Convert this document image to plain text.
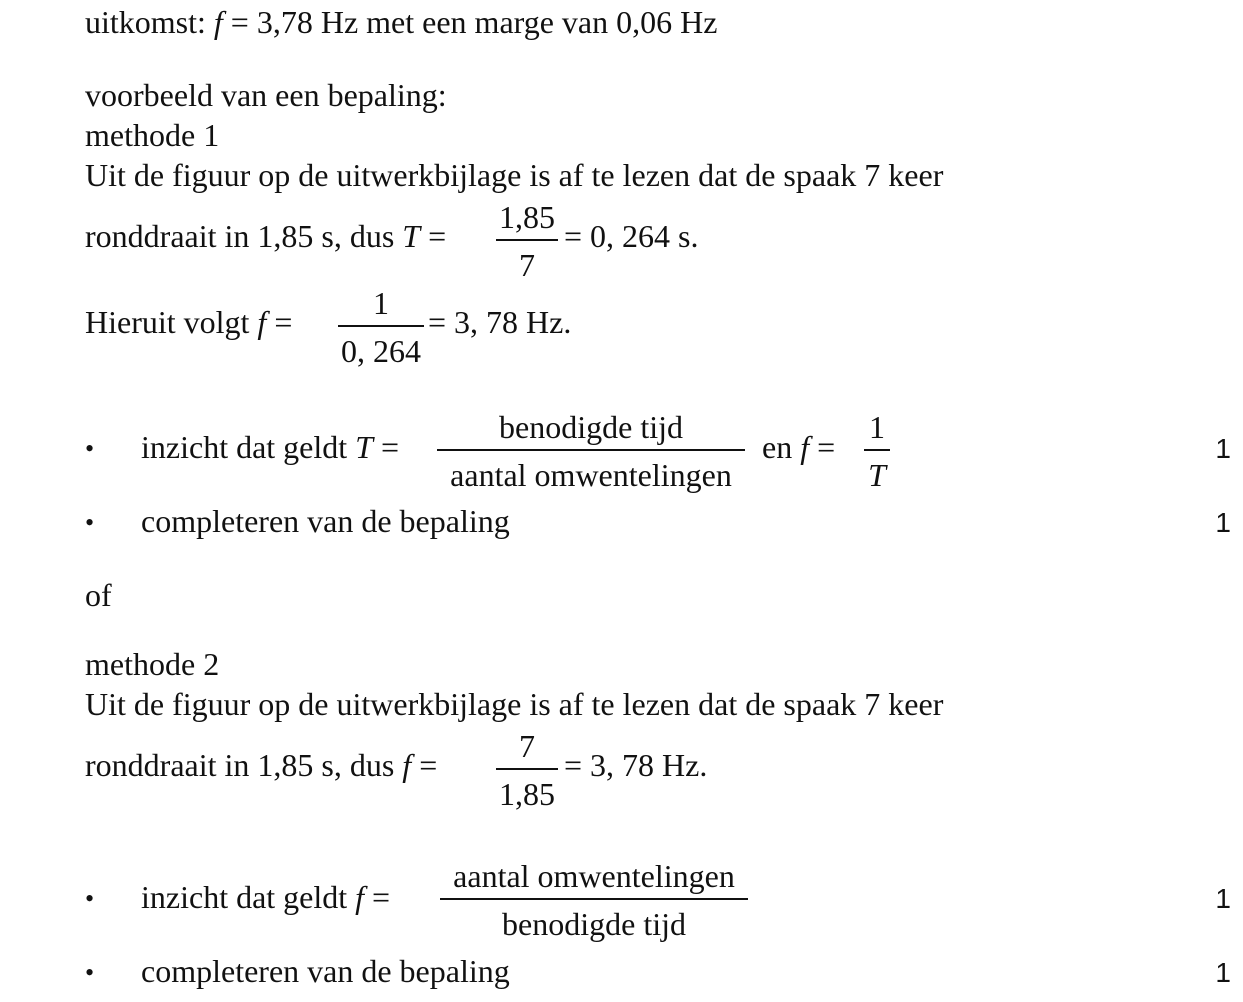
uitkomst: f = 3,78 Hz met een marge van 0,06 Hz
voorbeeld van een bepaling:
methode 1
Uit de figuur op de uitwerkbijlage is af te lezen dat de spaak 7 keer
ronddraait in 1,85 s, dus T =
1,85
7
= 0, 264 s.
Hieruit volgt f =
1
0, 264
= 3, 78 Hz.
• inzicht dat geldt T =
benodigde tijd
aantal omwentelingen
en f =
1
T
1
• completeren van de bepaling	1
of
methode 2
Uit de figuur op de uitwerkbijlage is af te lezen dat de spaak 7 keer
ronddraait in 1,85 s, dus f =
7
1,85
= 3, 78 Hz.
• inzicht dat geldt f =
aantal omwentelingen
benodigde tijd
1
• completeren van de bepaling	1
